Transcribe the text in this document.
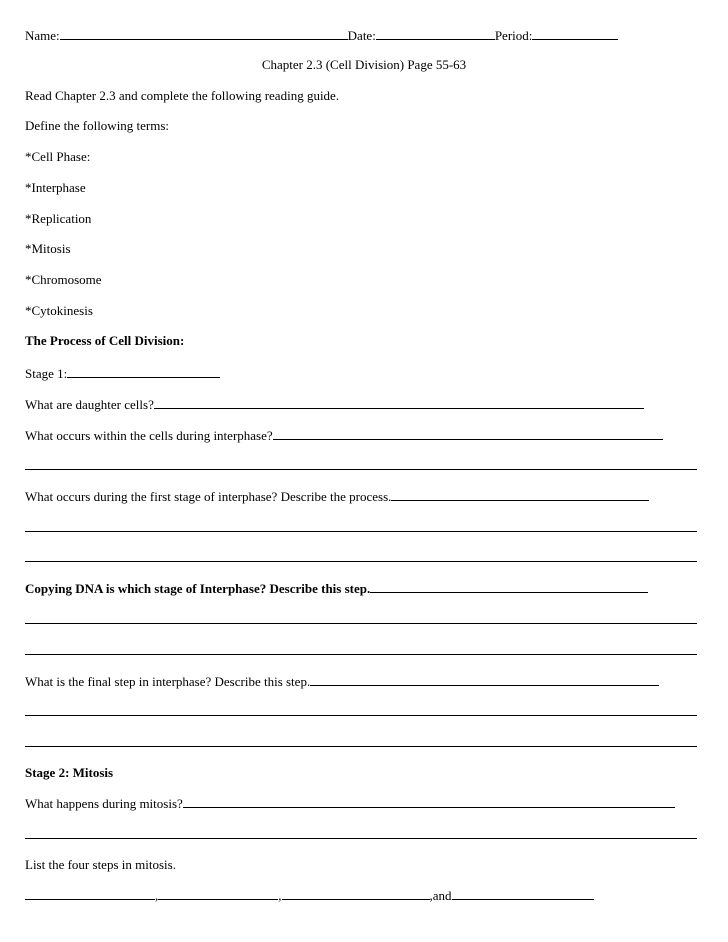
Name:	Date:	Period:
Chapter 2.3 (Cell Division) Page 55-63
Read Chapter 2.3 and complete the following reading guide.
Define the following terms:
*Cell Phase:
*Interphase
*Replication
*Mitosis
*Chromosome
*Cytokinesis
The Process of Cell Division:
Stage 1:
What are daughter cells?
What occurs within the cells during interphase?
What occurs during the first stage of interphase? Describe the process.
Copying DNA is which stage of Interphase? Describe this step.
What is the final step in interphase? Describe this step.
Stage 2: Mitosis
What happens during mitosis?
List the four steps in mitosis.
,	,	,and
